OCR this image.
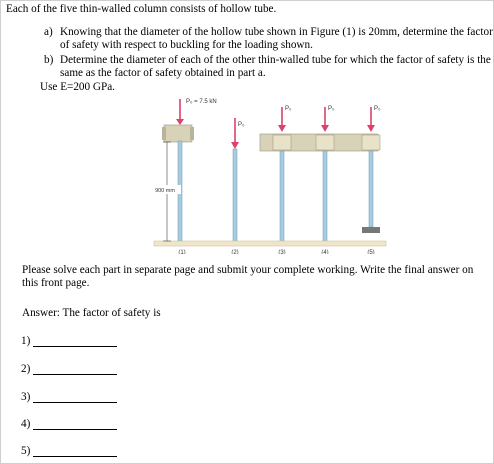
Each of the five thin-walled column consists of hollow tube.
a) Knowing that the diameter of the hollow tube shown in Figure (1) is 20mm, determine the factor of safety with respect to buckling for the loading shown.
b) Determine the diameter of each of the other thin-walled tube for which the factor of safety is the same as the factor of safety obtained in part a.
Use E=200 GPa.
900 mm
P₀ = 7.5 kN
P₀
P₀	P₀	P₀
(1)	(2)	(3)	(4)	(5)
Please solve each part in separate page and submit your complete working. Write the final answer on this front page.
Answer: The factor of safety is
1)
2)
3)
4)
5)
